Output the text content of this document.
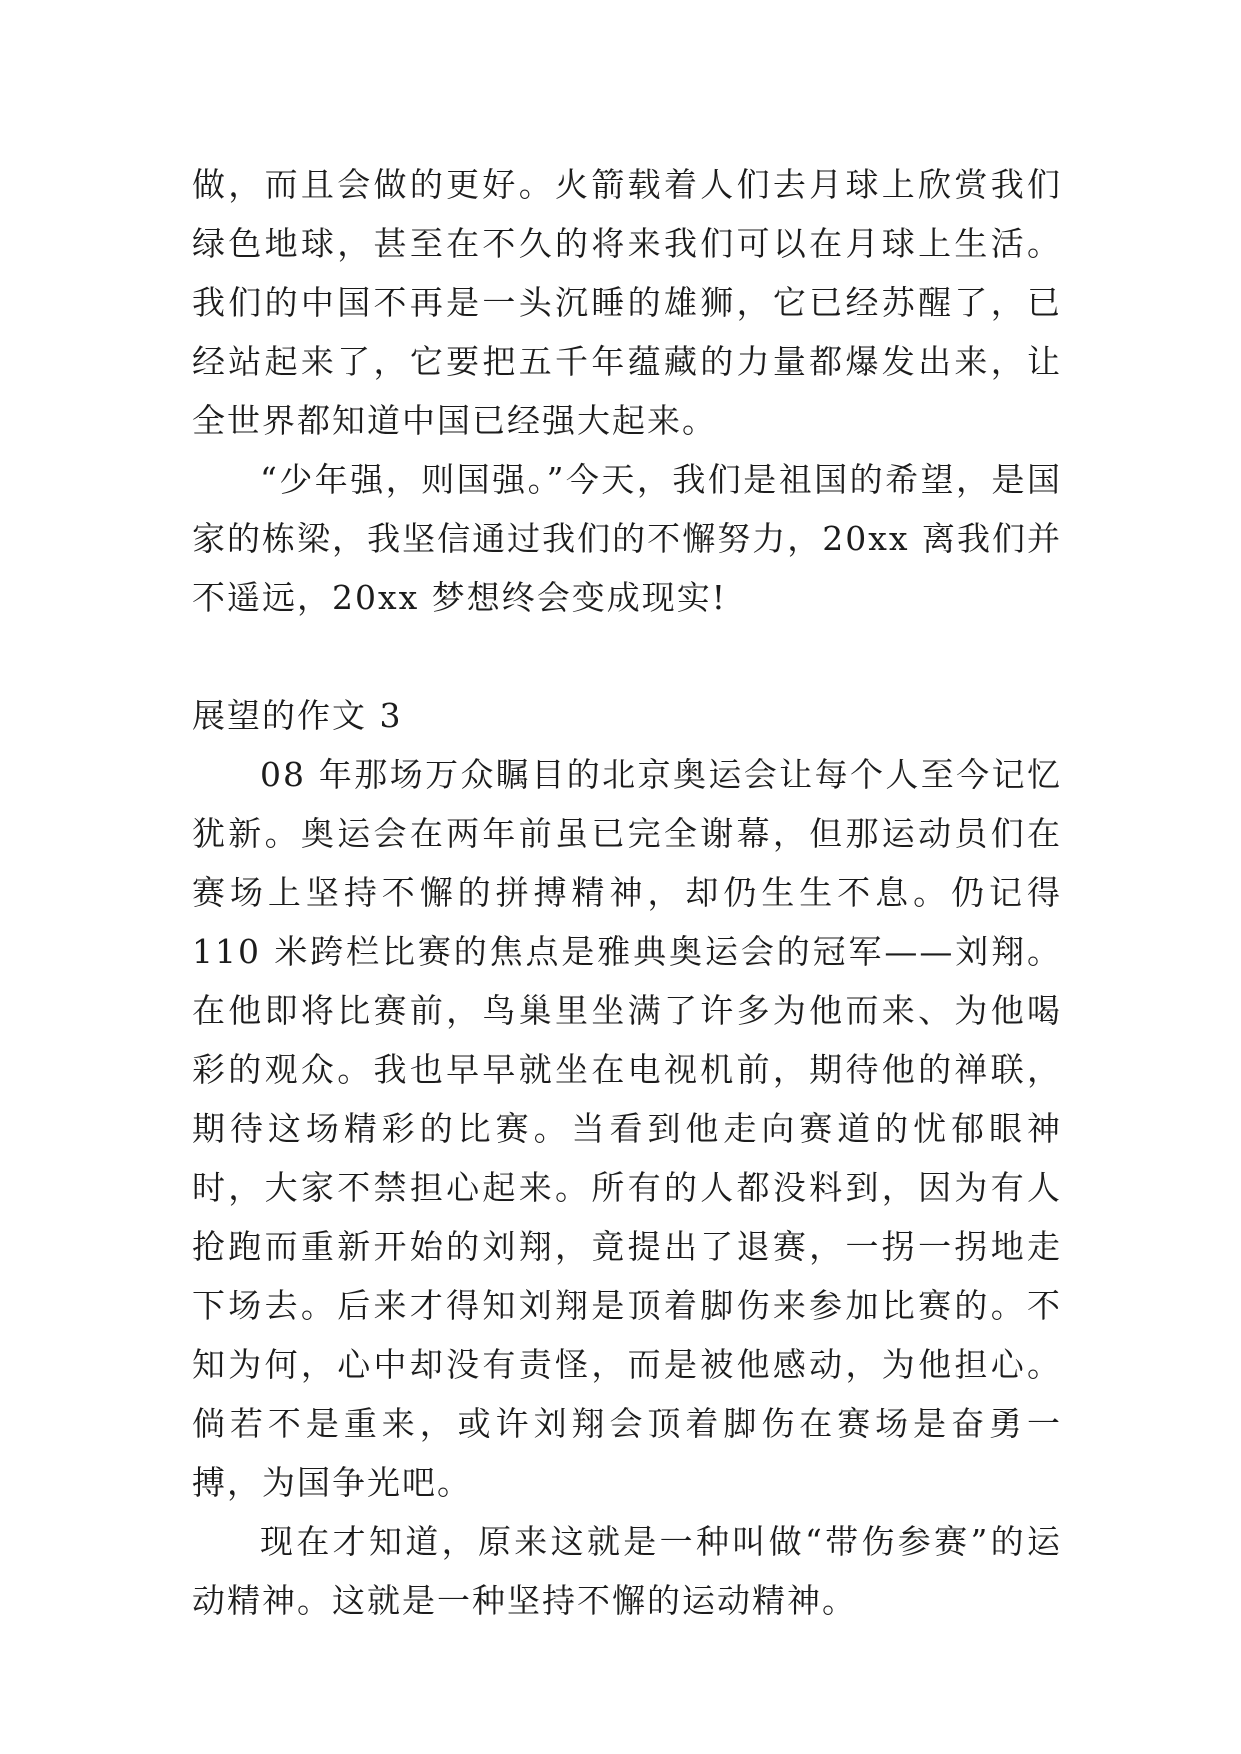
做，而且会做的更好。火箭载着人们去月球上欣赏我们绿色地球，甚至在不久的将来我们可以在月球上生活。我们的中国不再是一头沉睡的雄狮，它已经苏醒了，已经站起来了，它要把五千年蕴藏的力量都爆发出来，让全世界都知道中国已经强大起来。

“少年强，则国强。”今天，我们是祖国的希望，是国家的栋梁，我坚信通过我们的不懈努力，20xx 离我们并不遥远，20xx 梦想终会变成现实!

展望的作文 3

08 年那场万众瞩目的北京奥运会让每个人至今记忆犹新。奥运会在两年前虽已完全谢幕，但那运动员们在赛场上坚持不懈的拼搏精神，却仍生生不息。仍记得 110 米跨栏比赛的焦点是雅典奥运会的冠军——刘翔。在他即将比赛前，鸟巢里坐满了许多为他而来、为他喝彩的观众。我也早早就坐在电视机前，期待他的禅联，期待这场精彩的比赛。当看到他走向赛道的忧郁眼神时，大家不禁担心起来。所有的人都没料到，因为有人抢跑而重新开始的刘翔，竟提出了退赛，一拐一拐地走下场去。后来才得知刘翔是顶着脚伤来参加比赛的。不知为何，心中却没有责怪，而是被他感动，为他担心。倘若不是重来，或许刘翔会顶着脚伤在赛场是奋勇一搏，为国争光吧。

现在才知道，原来这就是一种叫做“带伤参赛”的运动精神。这就是一种坚持不懈的运动精神。
